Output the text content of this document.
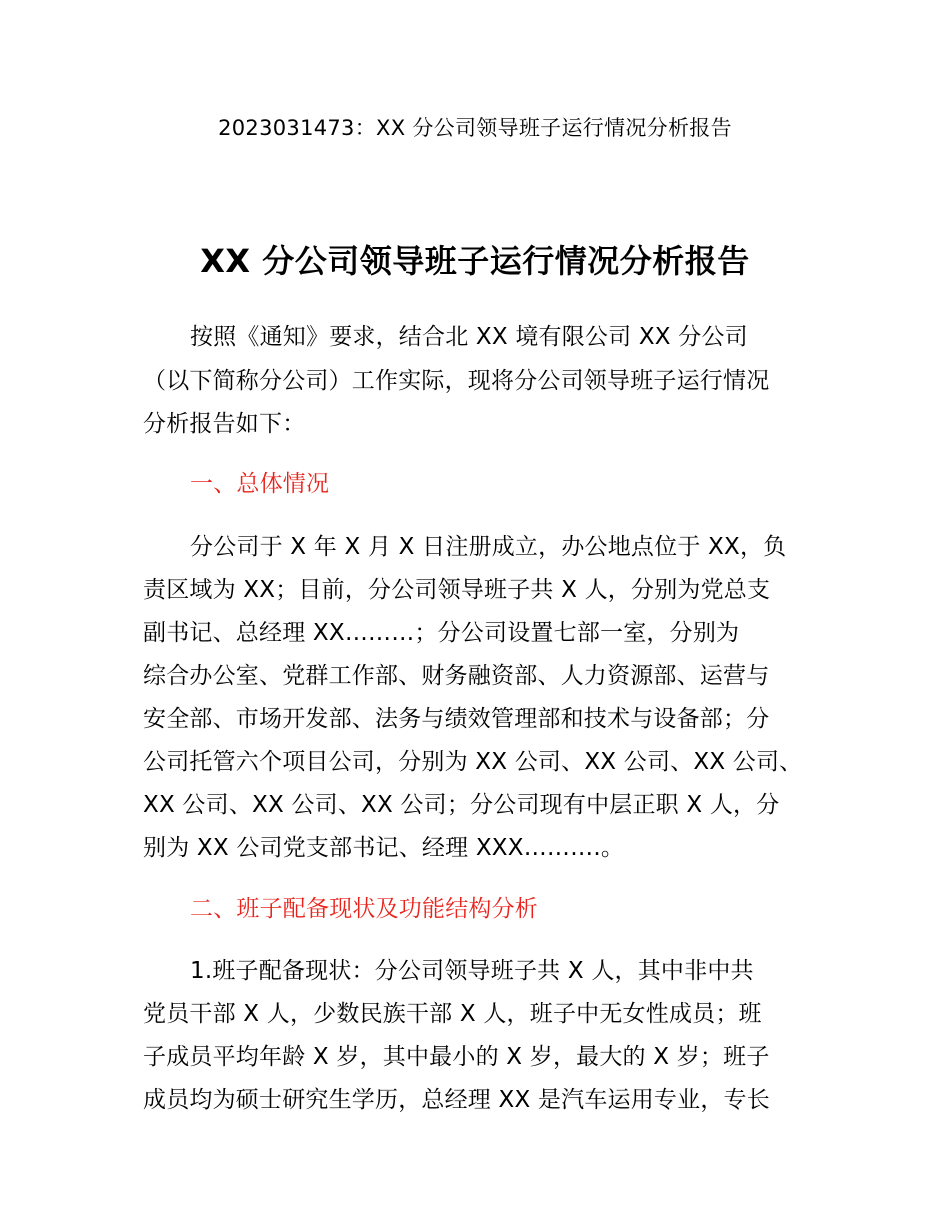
2023031473：XX 分公司领导班子运行情况分析报告
XX 分公司领导班子运行情况分析报告
按照《通知》要求，结合北 XX 境有限公司 XX 分公司
（以下简称分公司）工作实际，现将分公司领导班子运行情况
分析报告如下：
一、总体情况
分公司于 X 年 X 月 X 日注册成立，办公地点位于 XX，负
责区域为 XX；目前，分公司领导班子共 X 人，分别为党总支
副书记、总经理 XX………；分公司设置七部一室，分别为
综合办公室、党群工作部、财务融资部、人力资源部、运营与
安全部、市场开发部、法务与绩效管理部和技术与设备部；分
公司托管六个项目公司，分别为 XX 公司、XX 公司、XX 公司、
XX 公司、XX 公司、XX 公司；分公司现有中层正职 X 人，分
别为 XX 公司党支部书记、经理 XXX……….。
二、班子配备现状及功能结构分析
1.班子配备现状：分公司领导班子共 X 人，其中非中共
党员干部 X 人，少数民族干部 X 人，班子中无女性成员；班
子成员平均年龄 X 岁，其中最小的 X 岁，最大的 X 岁；班子
成员均为硕士研究生学历，总经理 XX 是汽车运用专业，专长
